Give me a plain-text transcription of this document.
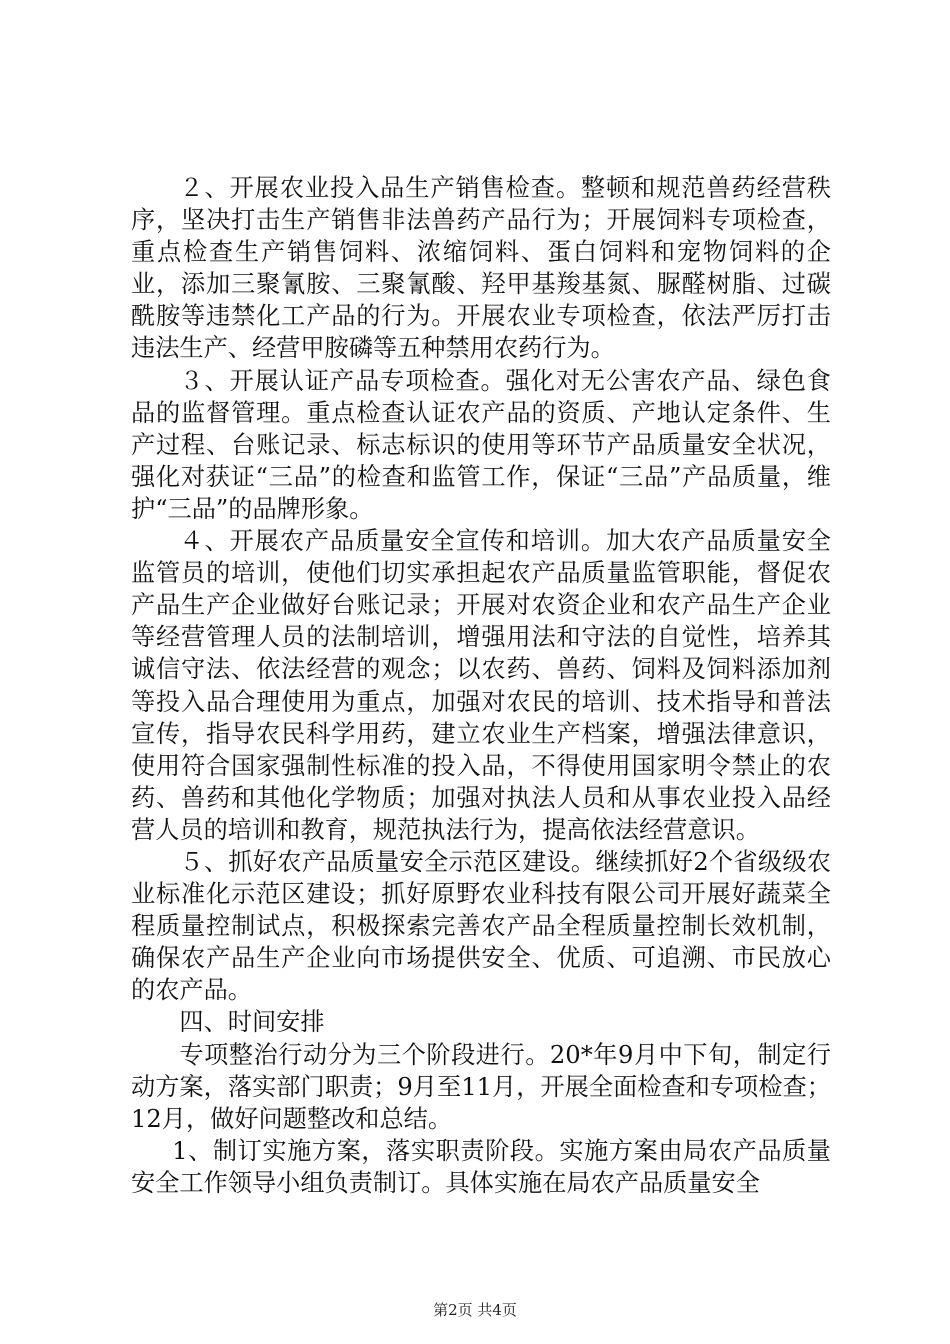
２、开展农业投入品生产销售检查。整顿和规范兽药经营秩序，坚决打击生产销售非法兽药产品行为；开展饲料专项检查，重点检查生产销售饲料、浓缩饲料、蛋白饲料和宠物饲料的企业，添加三聚氰胺、三聚氰酸、羟甲基羧基氮、脲醛树脂、过碳酰胺等违禁化工产品的行为。开展农业专项检查，依法严厉打击违法生产、经营甲胺磷等五种禁用农药行为。

３、开展认证产品专项检查。强化对无公害农产品、绿色食品的监督管理。重点检查认证农产品的资质、产地认定条件、生产过程、台账记录、标志标识的使用等环节产品质量安全状况，强化对获证“三品”的检查和监管工作，保证“三品”产品质量，维护“三品”的品牌形象。

４、开展农产品质量安全宣传和培训。加大农产品质量安全监管员的培训，使他们切实承担起农产品质量监管职能，督促农产品生产企业做好台账记录；开展对农资企业和农产品生产企业等经营管理人员的法制培训，增强用法和守法的自觉性，培养其诚信守法、依法经营的观念；以农药、兽药、饲料及饲料添加剂等投入品合理使用为重点，加强对农民的培训、技术指导和普法宣传，指导农民科学用药，建立农业生产档案，增强法律意识，使用符合国家强制性标准的投入品，不得使用国家明令禁止的农药、兽药和其他化学物质；加强对执法人员和从事农业投入品经营人员的培训和教育，规范执法行为，提高依法经营意识。

５、抓好农产品质量安全示范区建设。继续抓好2个省级级农业标准化示范区建设；抓好原野农业科技有限公司开展好蔬菜全程质量控制试点，积极探索完善农产品全程质量控制长效机制，确保农产品生产企业向市场提供安全、优质、可追溯、市民放心的农产品。

四、时间安排

专项整治行动分为三个阶段进行。20*年9月中下旬，制定行动方案，落实部门职责；9月至11月，开展全面检查和专项检查；12月，做好问题整改和总结。

1、制订实施方案，落实职责阶段。实施方案由局农产品质量安全工作领导小组负责制订。具体实施在局农产品质量安全

第2页 共4页
